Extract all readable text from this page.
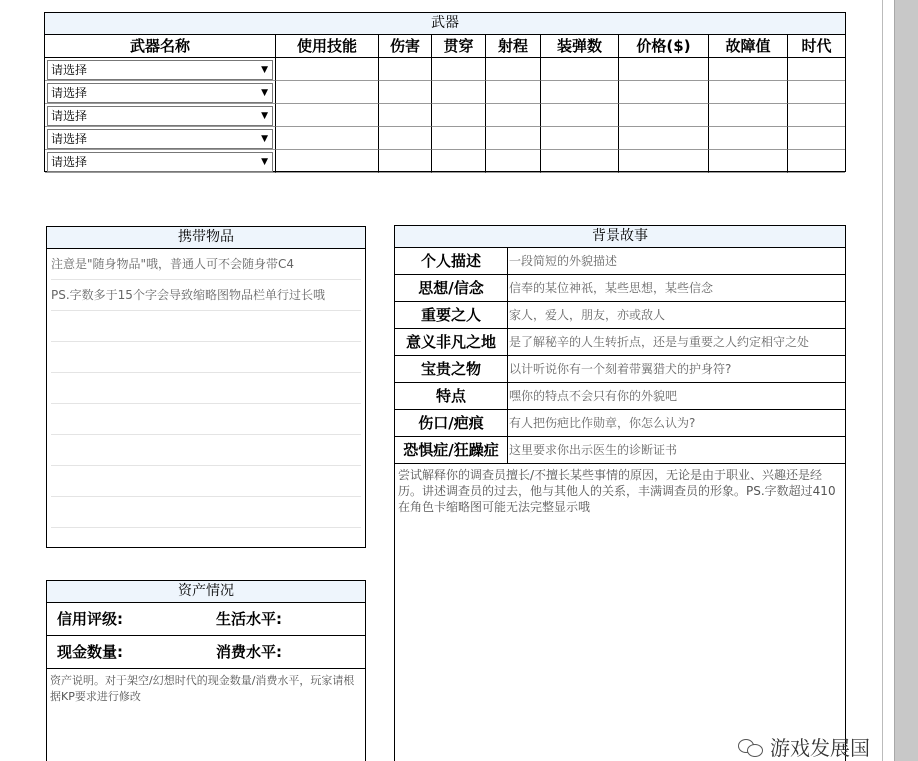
武器
武器名称	使用技能	伤害	贯穿	射程	装弹数	价格($)	故障值	时代
请选择	▼
请选择	▼
请选择	▼
请选择	▼
请选择	▼
携带物品
注意是"随身物品"哦，普通人可不会随身带C4
PS.字数多于15个字会导致缩略图物品栏单行过长哦
资产情况
信用评级:	生活水平:
现金数量:	消费水平:
资产说明。对于架空/幻想时代的现金数量/消费水平，玩家请根据KP要求进行修改
背景故事
个人描述	一段简短的外貌描述
思想/信念	信奉的某位神祇，某些思想，某些信念
重要之人	家人，爱人，朋友，亦或敌人
意义非凡之地	是了解秘辛的人生转折点，还是与重要之人约定相守之处
宝贵之物	以计听说你有一个刻着带翼猎犬的护身符?
特点	嘿你的特点不会只有你的外貌吧
伤口/疤痕	有人把伤疤比作勋章，你怎么认为?
恐惧症/狂躁症 这里要求你出示医生的诊断证书
尝试解释你的调查员擅长/不擅长某些事情的原因，无论是由于职业、兴趣还是经历。讲述调查员的过去，他与其他人的关系，丰满调查员的形象。PS.字数超过410在角色卡缩略图可能无法完整显示哦
游戏发展国
